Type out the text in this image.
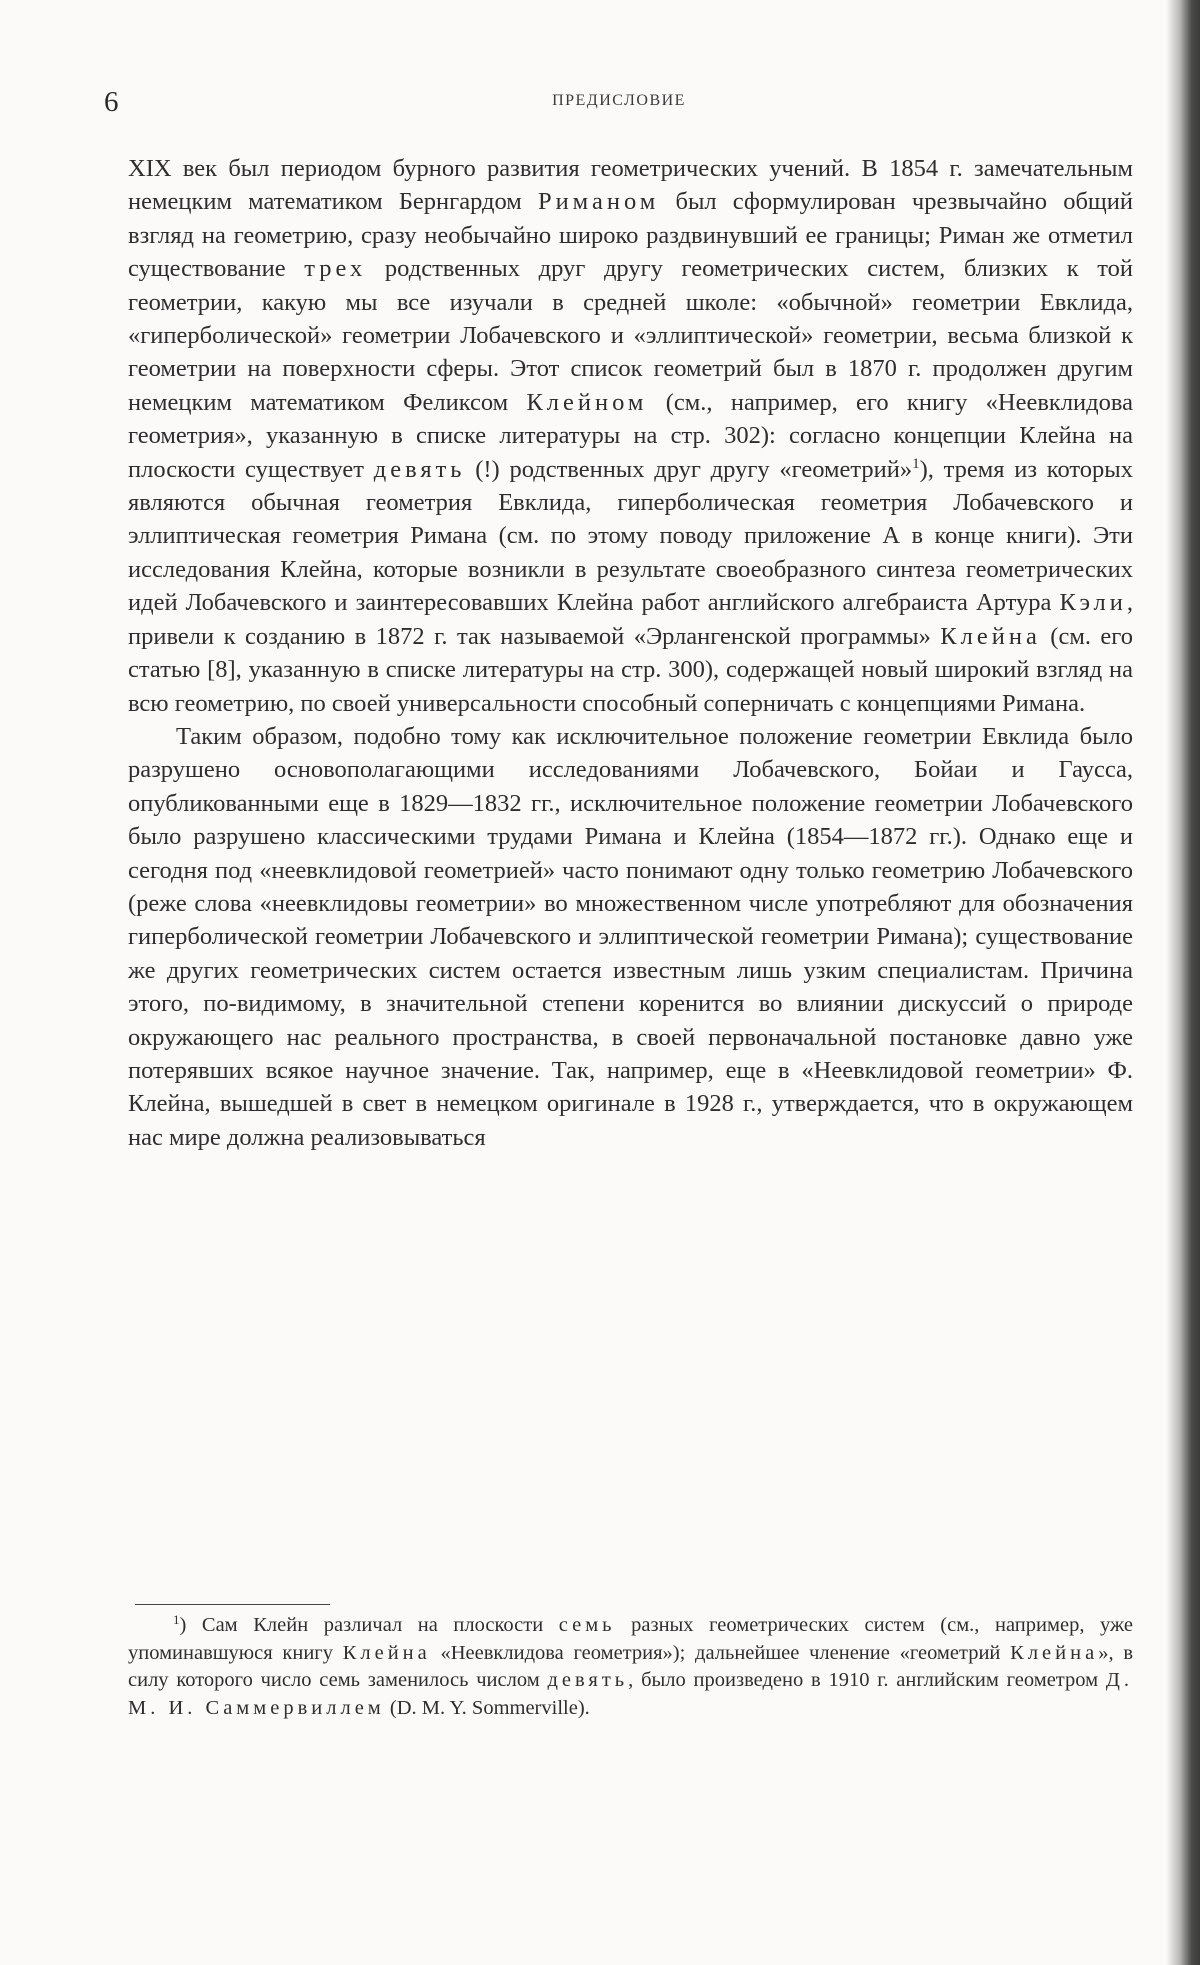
6	ПРЕДИСЛОВИЕ

XIX век был периодом бурного развития геометрических учений. В 1854 г. замечательным немецким математиком Бернгардом Риманом был сформулирован чрезвычайно общий взгляд на геометрию, сразу необычайно широко раздвинувший ее границы; Риман же отметил существование трех родственных друг другу геометрических систем, близких к той геометрии, какую мы все изучали в средней школе: «обычной» геометрии Евклида, «гиперболической» геометрии Лобачевского и «эллиптической» геометрии, весьма близкой к геометрии на поверхности сферы. Этот список геометрий был в 1870 г. продолжен другим немецким математиком Феликсом Клейном (см., например, его книгу «Неевклидова геометрия», указанную в списке литературы на стр. 302): согласно концепции Клейна на плоскости существует девять (!) родственных друг другу «геометрий»$^1$), тремя из которых являются обычная геометрия Евклида, гиперболическая геометрия Лобачевского и эллиптическая геометрия Римана (см. по этому поводу приложение А в конце книги). Эти исследования Клейна, которые возникли в результате своеобразного синтеза геометрических идей Лобачевского и заинтересовавших Клейна работ английского алгебраиста Артура Кэли, привели к созданию в 1872 г. так называемой «Эрлангенской программы» Клейна (см. его статью [8], указанную в списке литературы на стр. 300), содержащей новый широкий взгляд на всю геометрию, по своей универсальности способный соперничать с концепциями Римана.

Таким образом, подобно тому как исключительное положение геометрии Евклида было разрушено основополагающими исследованиями Лобачевского, Бойаи и Гаусса, опубликованными еще в 1829—1832 гг., исключительное положение геометрии Лобачевского было разрушено классическими трудами Римана и Клейна (1854—1872 гг.). Однако еще и сегодня под «неевклидовой геометрией» часто понимают одну только геометрию Лобачевского (реже слова «неевклидовы геометрии» во множественном числе употребляют для обозначения гиперболической геометрии Лобачевского и эллиптической геометрии Римана); существование же других геометрических систем остается известным лишь узким специалистам. Причина этого, по-видимому, в значительной степени коренится во влиянии дискуссий о природе окружающего нас реального пространства, в своей первоначальной постановке давно уже потерявших всякое научное значение. Так, например, еще в «Неевклидовой геометрии» Ф. Клейна, вышедшей в свет в немецком оригинале в 1928 г., утверждается, что в окружающем нас мире должна реализовываться

$^1$) Сам Клейн различал на плоскости семь разных геометрических систем (см., например, уже упоминавшуюся книгу Клейна «Неевклидова геометрия»); дальнейшее членение «геометрий Клейна», в силу которого число семь заменилось числом девять, было произведено в 1910 г. английским геометром Д. М. И. Саммервиллем (D. M. Y. Sommerville).
